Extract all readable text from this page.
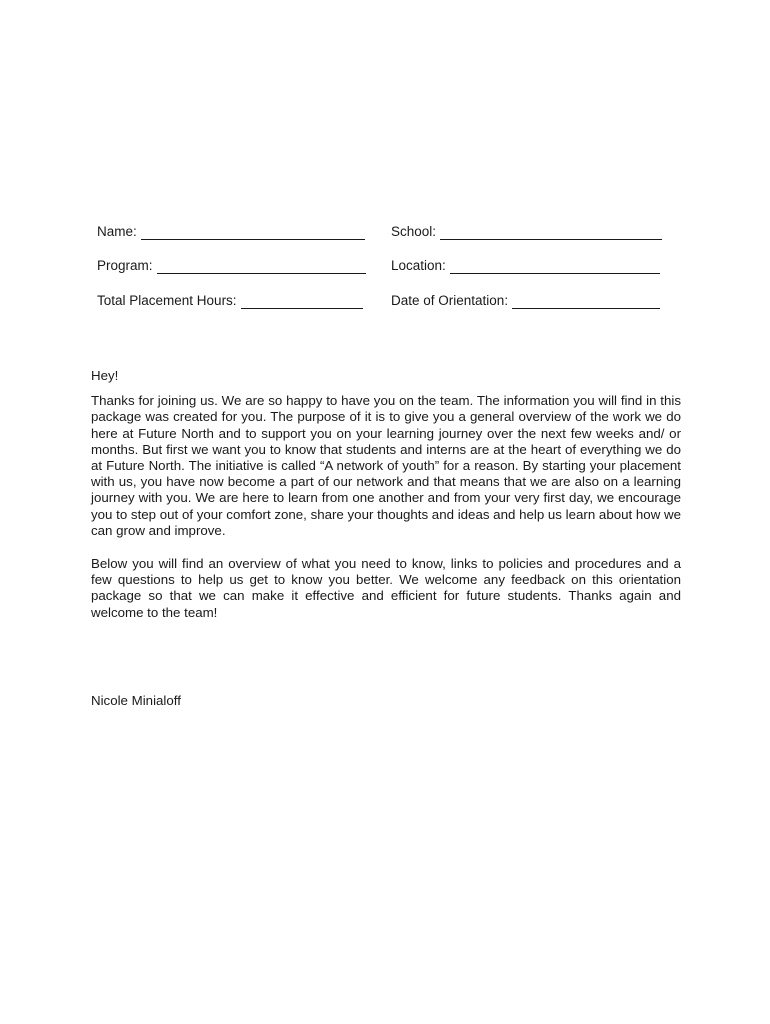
Name:	School:
Program:	Location:
Total Placement Hours:	Date of Orientation:

Hey!

Thanks for joining us. We are so happy to have you on the team. The information you will find in this package was created for you. The purpose of it is to give you a general overview of the work we do here at Future North and to support you on your learning journey over the next few weeks and/ or months. But first we want you to know that students and interns are at the heart of everything we do at Future North. The initiative is called “A network of youth” for a reason. By starting your placement with us, you have now become a part of our network and that means that we are also on a learning journey with you. We are here to learn from one another and from your very first day, we encourage you to step out of your comfort zone, share your thoughts and ideas and help us learn about how we can grow and improve.

Below you will find an overview of what you need to know, links to policies and procedures and a few questions to help us get to know you better. We welcome any feedback on this orientation package so that we can make it effective and efficient for future students. Thanks again and welcome to the team!

Nicole Minialoff
